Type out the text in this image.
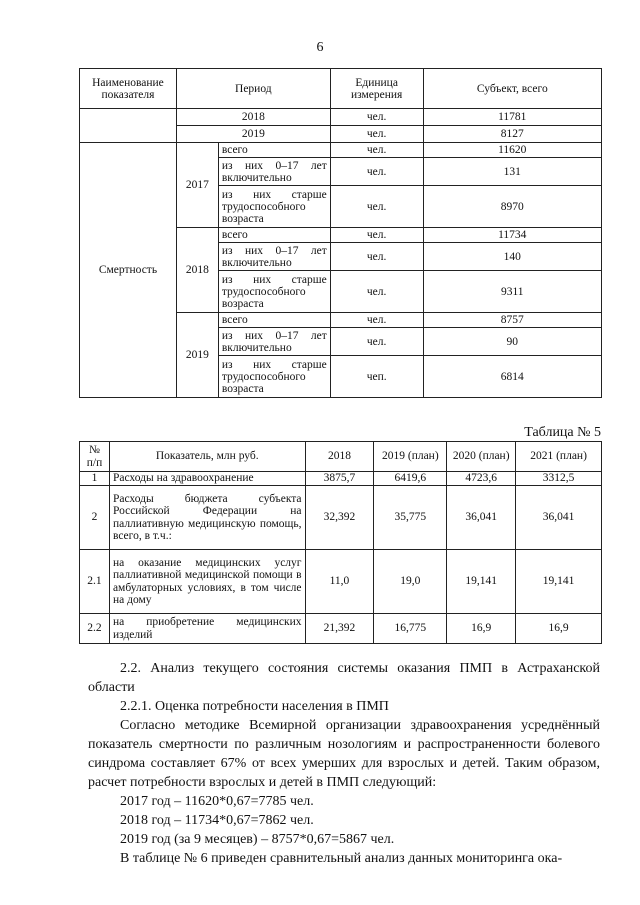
6
Наименование показателя	Период		Единица измерения	Субъект, всего
	2018		чел.	11781
	2019		чел.	8127
Смертность	2017	всего	чел.	11620
		из них 0–17 лет включительно	чел.	131
		из них старше трудоспособного возраста	чел.	8970
	2018	всего	чел.	11734
		из них 0–17 лет включительно	чел.	140
		из них старше трудоспособного возраста	чел.	9311
	2019	всего	чел.	8757
		из них 0–17 лет включительно	чел.	90
		из них старше трудоспособного возраста	чеп.	6814
Таблица № 5
№ п/п	Показатель, млн руб.	2018	2019 (план)	2020 (план)	2021 (план)
1	Расходы на здравоохранение	3875,7	6419,6	4723,6	3312,5
2	Расходы бюджета субъекта Российской Федерации на паллиативную медицинскую помощь, всего, в т.ч.:	32,392	35,775	36,041	36,041
2.1	на оказание медицинских услуг паллиативной медицинской помощи в амбулаторных условиях, в том числе на дому	11,0	19,0	19,141	19,141
2.2	на приобретение медицинских изделий	21,392	16,775	16,9	16,9

2.2. Анализ текущего состояния системы оказания ПМП в Астраханской области

2.2.1. Оценка потребности населения в ПМП

Согласно методике Всемирной организации здравоохранения усреднённый показатель смертности по различным нозологиям и распространенности болевого синдрома составляет 67% от всех умерших для взрослых и детей. Таким образом, расчет потребности взрослых и детей в ПМП следующий:

2017 год – 11620*0,67=7785 чел.

2018 год – 11734*0,67=7862 чел.

2019 год (за 9 месяцев) – 8757*0,67=5867 чел.

В таблице № 6 приведен сравнительный анализ данных мониторинга ока-
